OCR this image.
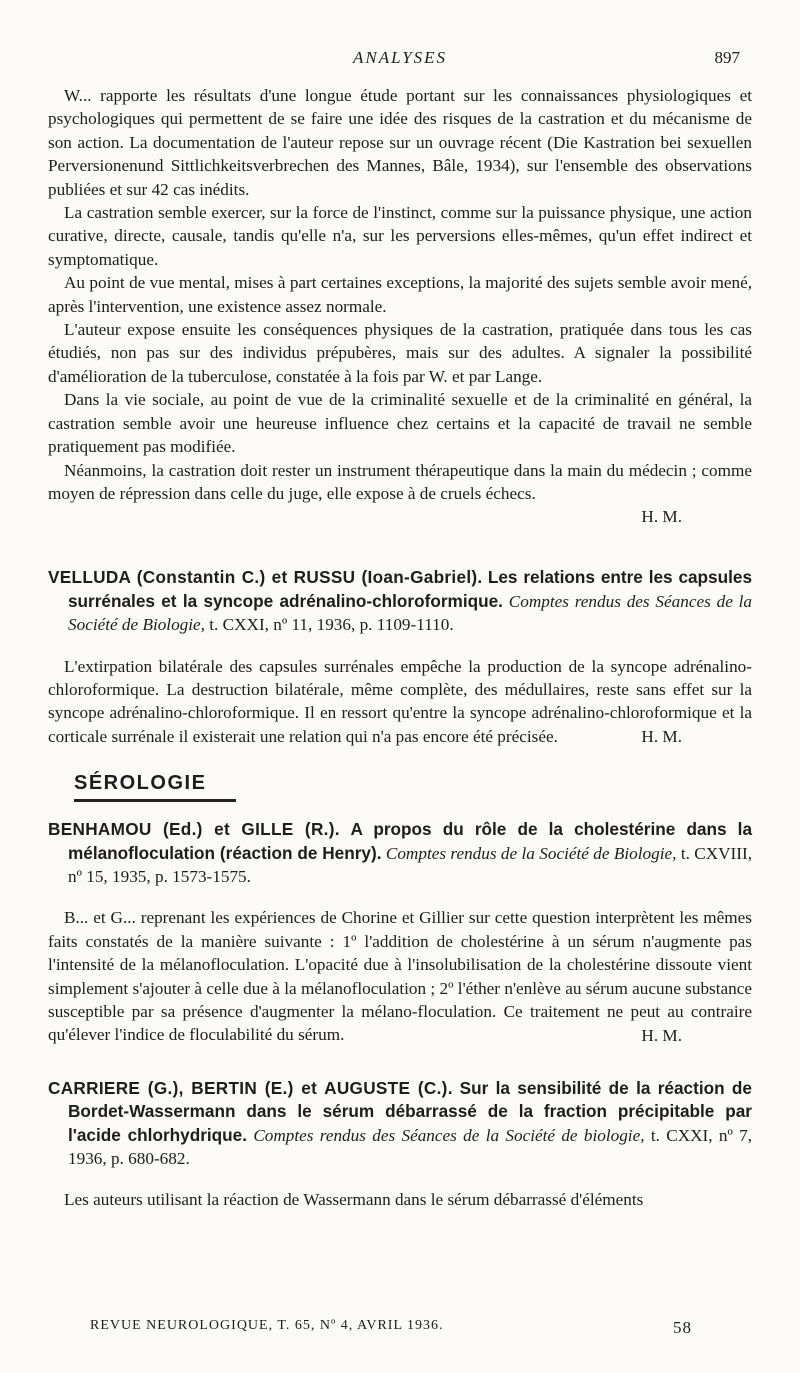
ANALYSES	897

W... rapporte les résultats d'une longue étude portant sur les connaissances physiologiques et psychologiques qui permettent de se faire une idée des risques de la castration et du mécanisme de son action. La documentation de l'auteur repose sur un ouvrage récent (Die Kastration bei sexuellen Perversionenund Sittlichkeitsverbrechen des Mannes, Bâle, 1934), sur l'ensemble des observations publiées et sur 42 cas inédits.

La castration semble exercer, sur la force de l'instinct, comme sur la puissance physique, une action curative, directe, causale, tandis qu'elle n'a, sur les perversions elles-mêmes, qu'un effet indirect et symptomatique.

Au point de vue mental, mises à part certaines exceptions, la majorité des sujets semble avoir mené, après l'intervention, une existence assez normale.

L'auteur expose ensuite les conséquences physiques de la castration, pratiquée dans tous les cas étudiés, non pas sur des individus prépubères, mais sur des adultes. A signaler la possibilité d'amélioration de la tuberculose, constatée à la fois par W. et par Lange.

Dans la vie sociale, au point de vue de la criminalité sexuelle et de la criminalité en général, la castration semble avoir une heureuse influence chez certains et la capacité de travail ne semble pratiquement pas modifiée.

Néanmoins, la castration doit rester un instrument thérapeutique dans la main du médecin ; comme moyen de répression dans celle du juge, elle expose à de cruels échecs.

H. M.
VELLUDA (Constantin C.) et RUSSU (Ioan-Gabriel). Les relations entre les capsules surrénales et la syncope adrénalino-chloroformique. Comptes rendus des Séances de la Société de Biologie, t. CXXI, nº 11, 1936, p. 1109-1110.

L'extirpation bilatérale des capsules surrénales empêche la production de la syncope adrénalino-chloroformique. La destruction bilatérale, même complète, des médullaires, reste sans effet sur la syncope adrénalino-chloroformique. Il en ressort qu'entre la syncope adrénalino-chloroformique et la corticale surrénale il existerait une relation qui n'a pas encore été précisée.	H. M.
SÉROLOGIE
BENHAMOU (Ed.) et GILLE (R.). A propos du rôle de la cholestérine dans la mélanofloculation (réaction de Henry). Comptes rendus de la Société de Biologie, t. CXVIII, nº 15, 1935, p. 1573-1575.

B... et G... reprenant les expériences de Chorine et Gillier sur cette question interprètent les mêmes faits constatés de la manière suivante : 1º l'addition de cholestérine à un sérum n'augmente pas l'intensité de la mélanofloculation. L'opacité due à l'insolubilisation de la cholestérine dissoute vient simplement s'ajouter à celle due à la mélanofloculation ; 2º l'éther n'enlève au sérum aucune substance susceptible par sa présence d'augmenter la mélano-floculation. Ce traitement ne peut au contraire qu'élever l'indice de floculabilité du sérum.	H. M.
CARRIERE (G.), BERTIN (E.) et AUGUSTE (C.). Sur la sensibilité de la réaction de Bordet-Wassermann dans le sérum débarrassé de la fraction précipitable par l'acide chlorhydrique. Comptes rendus des Séances de la Société de biologie, t. CXXI, nº 7, 1936, p. 680-682.

Les auteurs utilisant la réaction de Wassermann dans le sérum débarrassé d'éléments

REVUE NEUROLOGIQUE, T. 65, Nº 4, AVRIL 1936.	58
